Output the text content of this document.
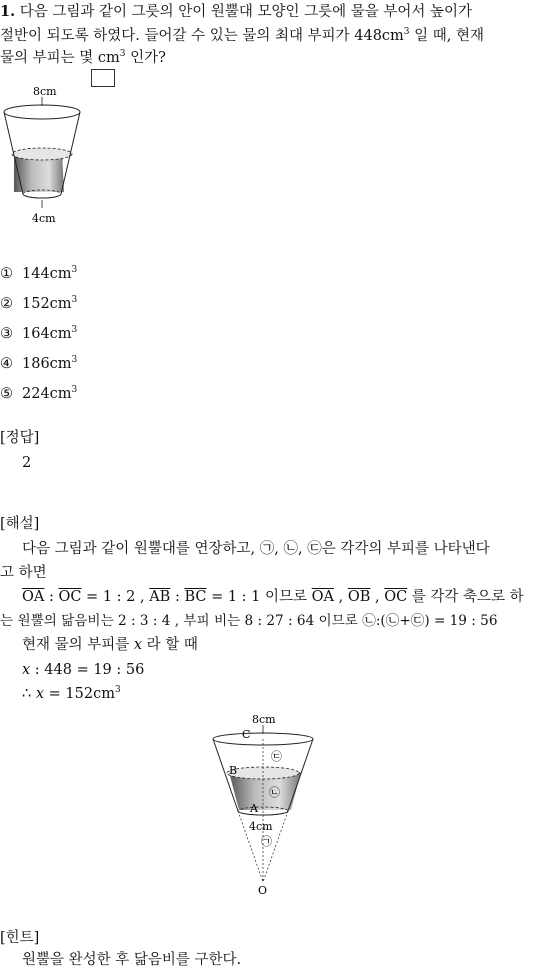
1. 다음 그림과 같이 그릇의 안이 원뿔대 모양인 그릇에 물을 부어서 높이가
절반이 되도록 하였다. 들어갈 수 있는 물의 최대 부피가 $448cm^3$ 일 때, 현재
물의 부피는 몇 $cm^3$ 인가?
8cm
4cm
① $144cm^3$
② $152cm^3$
③ $164cm^3$
④ $186cm^3$
⑤ $224cm^3$
[정답]
2
[해설]
다음 그림과 같이 원뿔대를 연장하고, ㉠, ㉡, ㉢은 각각의 부피를 나타낸다
고 하면
$\overline{OA}$ : $\overline{OC} = 1$ : 2 , $\overline{AB}$ : $\overline{BC} = 1$ : 1 이므로 $\overline{OA}$ , $\overline{OB}$ , $\overline{OC}$ 를 각각 축으로 하
는 원뿔의 닮음비는 2 : 3 : 4 , 부피 비는 8 : 27 : 64 이므로 ㉡:(㉡+㉢) = 19 : 56
현재 물의 부피를 x 라 할 때
x : 448 = 19 : 56
∴ $x = 152cm^3$
8cm
C
B
A
㉢
㉡
4cm
㉠
O
[힌트]
원뿔을 완성한 후 닮음비를 구한다.
